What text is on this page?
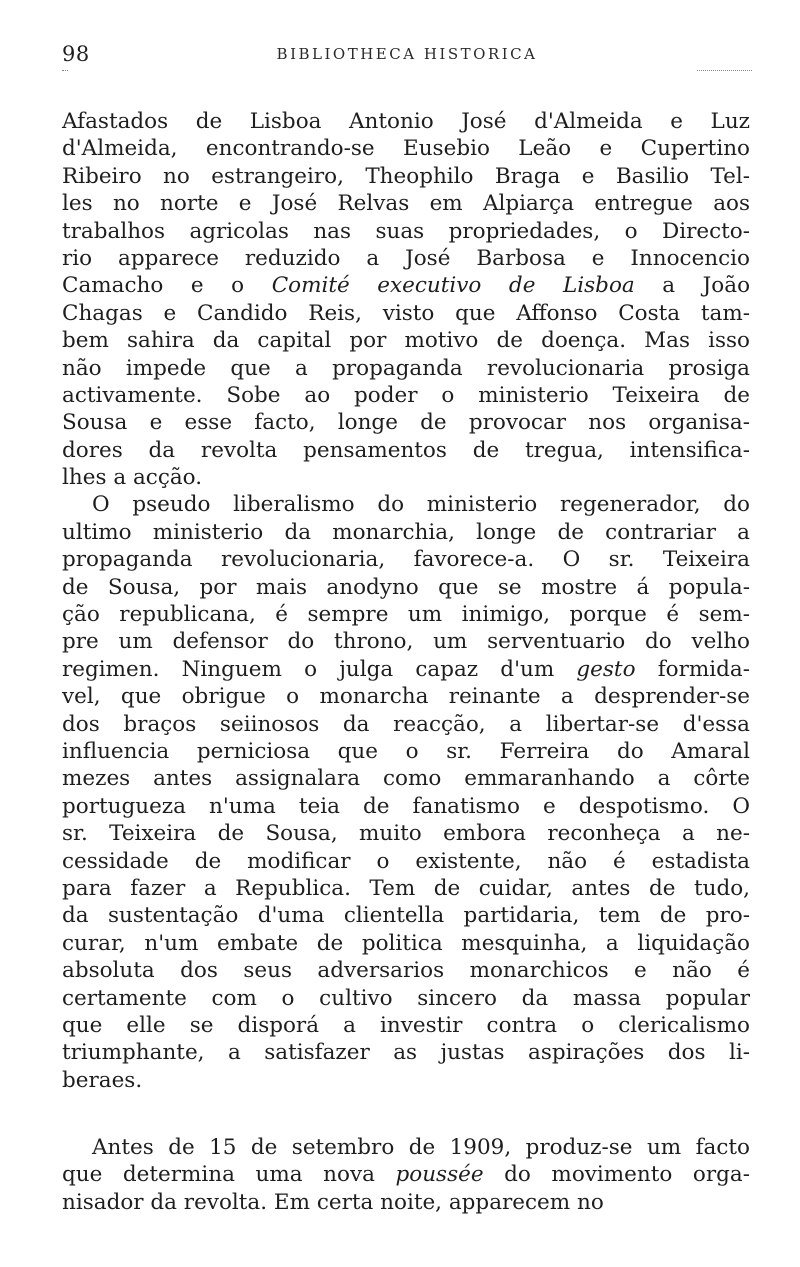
98	BIBLIOTHECA HISTORICA
Afastados de Lisboa Antonio José d'Almeida e Luz
d'Almeida, encontrando-se Eusebio Leão e Cupertino
Ribeiro no estrangeiro, Theophilo Braga e Basilio Tel-
les no norte e José Relvas em Alpiarça entregue aos
trabalhos agricolas nas suas propriedades, o Directo-
rio apparece reduzido a José Barbosa e Innocencio
Camacho e o Comité executivo de Lisboa a João
Chagas e Candido Reis, visto que Affonso Costa tam-
bem sahira da capital por motivo de doença. Mas isso
não impede que a propaganda revolucionaria prosiga
activamente. Sobe ao poder o ministerio Teixeira de
Sousa e esse facto, longe de provocar nos organisa-
dores da revolta pensamentos de tregua, intensifica-
lhes a acção.
O pseudo liberalismo do ministerio regenerador, do
ultimo ministerio da monarchia, longe de contrariar a
propaganda revolucionaria, favorece-a. O sr. Teixeira
de Sousa, por mais anodyno que se mostre á popula-
ção republicana, é sempre um inimigo, porque é sem-
pre um defensor do throno, um serventuario do velho
regimen. Ninguem o julga capaz d'um gesto formida-
vel, que obrigue o monarcha reinante a desprender-se
dos braços seiinosos da reacção, a libertar-se d'essa
influencia perniciosa que o sr. Ferreira do Amaral
mezes antes assignalara como emmaranhando a côrte
portugueza n'uma teia de fanatismo e despotismo. O
sr. Teixeira de Sousa, muito embora reconheça a ne-
cessidade de modificar o existente, não é estadista
para fazer a Republica. Tem de cuidar, antes de tudo,
da sustentação d'uma clientella partidaria, tem de pro-
curar, n'um embate de politica mesquinha, a liquidação
absoluta dos seus adversarios monarchicos e não é
certamente com o cultivo sincero da massa popular
que elle se disporá a investir contra o clericalismo
triumphante, a satisfazer as justas aspirações dos li-
beraes.
Antes de 15 de setembro de 1909, produz-se um facto
que determina uma nova poussée do movimento orga-
nisador da revolta. Em certa noite, apparecem no
